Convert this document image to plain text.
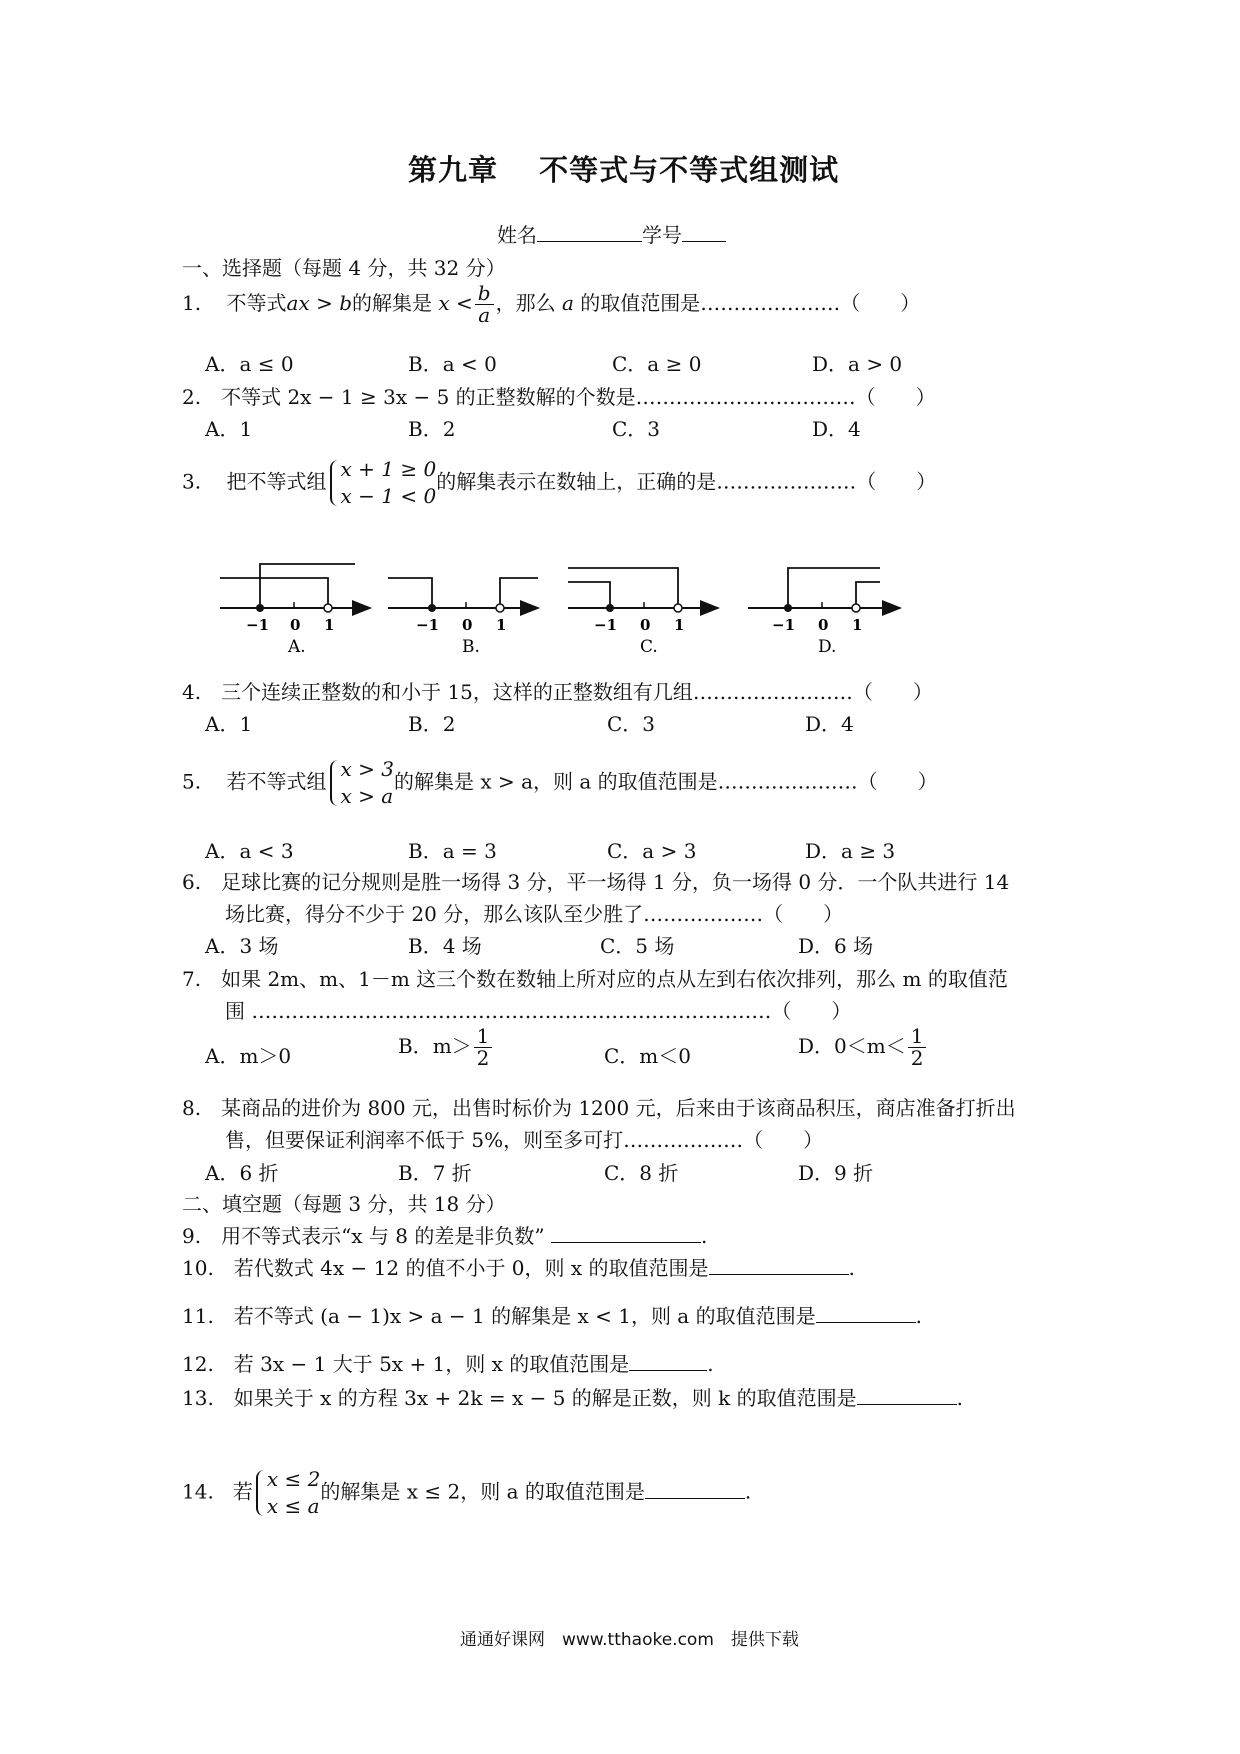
第九章　 不等式与不等式组测试
姓名	学号
一、选择题（每题 4 分，共 32 分）
1. 不等式ax > b的解集是 $x < \frac{b}{a}$ ，那么 a 的取值范围是…………………（　　）
A．a ≤ 0	B．a < 0	C．a ≥ 0	D．a > 0
2.　不等式 2x − 1 ≥ 3x − 5 的正整数解的个数是……………………………（　　）
A．1	B．2	C．3	D．4
3. 把不等式组
x + 1 ≥ 0
x − 1 < 0
的解集表示在数轴上，正确的是…………………（　　）
−1 0 1
A.
−1 0 1
B.
−1 0 1
C.
−1 0 1
D.
4.　三个连续正整数的和小于 15，这样的正整数组有几组……………………（　　）
A．1	B．2	C．3	D．4
5. 若不等式组
x > 3
x > a
的解集是 x > a，则 a 的取值范围是…………………（　　）
A．a < 3	B．a = 3	C．a > 3	D．a ≥ 3
6.　足球比赛的记分规则是胜一场得 3 分，平一场得 1 分，负一场得 0 分．一个队共进行 14
场比赛，得分不少于 20 分，那么该队至少胜了………………（　　）
A．3 场	B．4 场	C．5 场	D．6 场
7.　如果 2m、m、1－m 这三个数在数轴上所对应的点从左到右依次排列，那么 m 的取值范
围 ……………………………………………………………………（　　）
A．m＞0	B．$m> \frac{1}{2}$	C．m＜0	D．$0<m< \frac{1}{2}$
8.　某商品的进价为 800 元，出售时标价为 1200 元，后来由于该商品积压，商店准备打折出
售，但要保证利润率不低于 5%，则至多可打………………（　　）
A．6 折	B．7 折	C．8 折	D．9 折
二、填空题（每题 3 分，共 18 分）
9.　用不等式表示“x 与 8 的差是非负数”	.
10.　若代数式 4x − 12 的值不小于 0，则 x 的取值范围是	.
11.　若不等式 (a − 1)x > a − 1 的解集是 x < 1，则 a 的取值范围是	.
12.　若 3x − 1 大于 5x + 1，则 x 的取值范围是	.
13.　如果关于 x 的方程 3x + 2k = x − 5 的解是正数，则 k 的取值范围是	.
14. 若
x ≤ 2
x ≤ a
的解集是 x ≤ 2，则 a 的取值范围是	.
通通好课网　www.tthaoke.com　提供下载
